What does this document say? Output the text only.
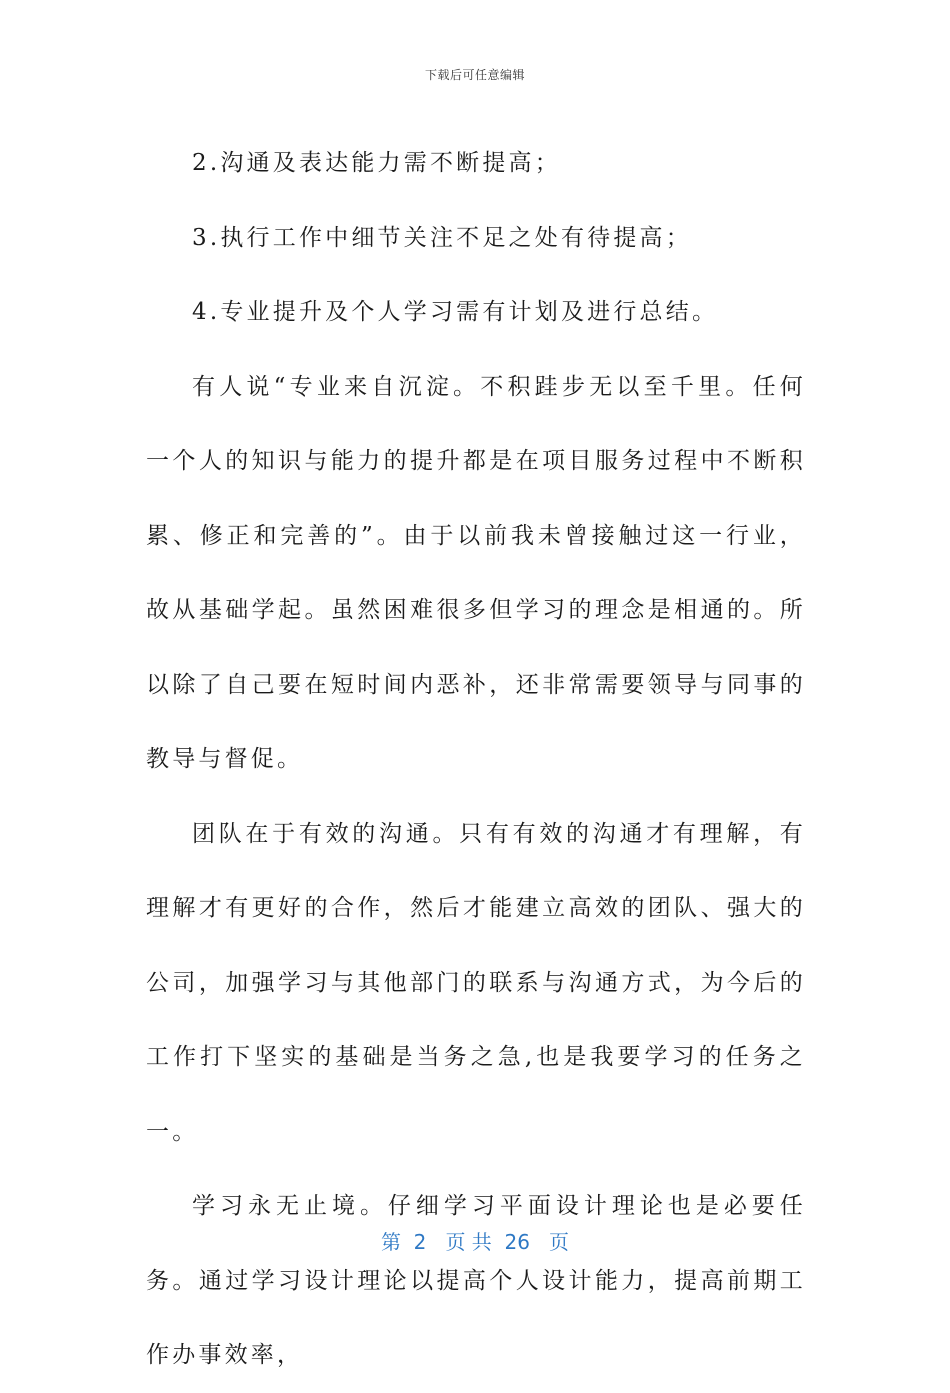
下载后可任意编辑

2.沟通及表达能力需不断提高；

3.执行工作中细节关注不足之处有待提高；

4.专业提升及个人学习需有计划及进行总结。

有人说“专业来自沉淀。不积跬步无以至千里。任何一个人的知识与能力的提升都是在项目服务过程中不断积累、修正和完善的”。由于以前我未曾接触过这一行业，故从基础学起。虽然困难很多但学习的理念是相通的。所以除了自己要在短时间内恶补，还非常需要领导与同事的教导与督促。

团队在于有效的沟通。只有有效的沟通才有理解，有理解才有更好的合作，然后才能建立高效的团队、强大的公司，加强学习与其他部门的联系与沟通方式，为今后的工作打下坚实的基础是当务之急,也是我要学习的任务之一。

学习永无止境。仔细学习平面设计理论也是必要任务。通过学习设计理论以提高个人设计能力，提高前期工作办事效率，

第  2   页 共  26   页
